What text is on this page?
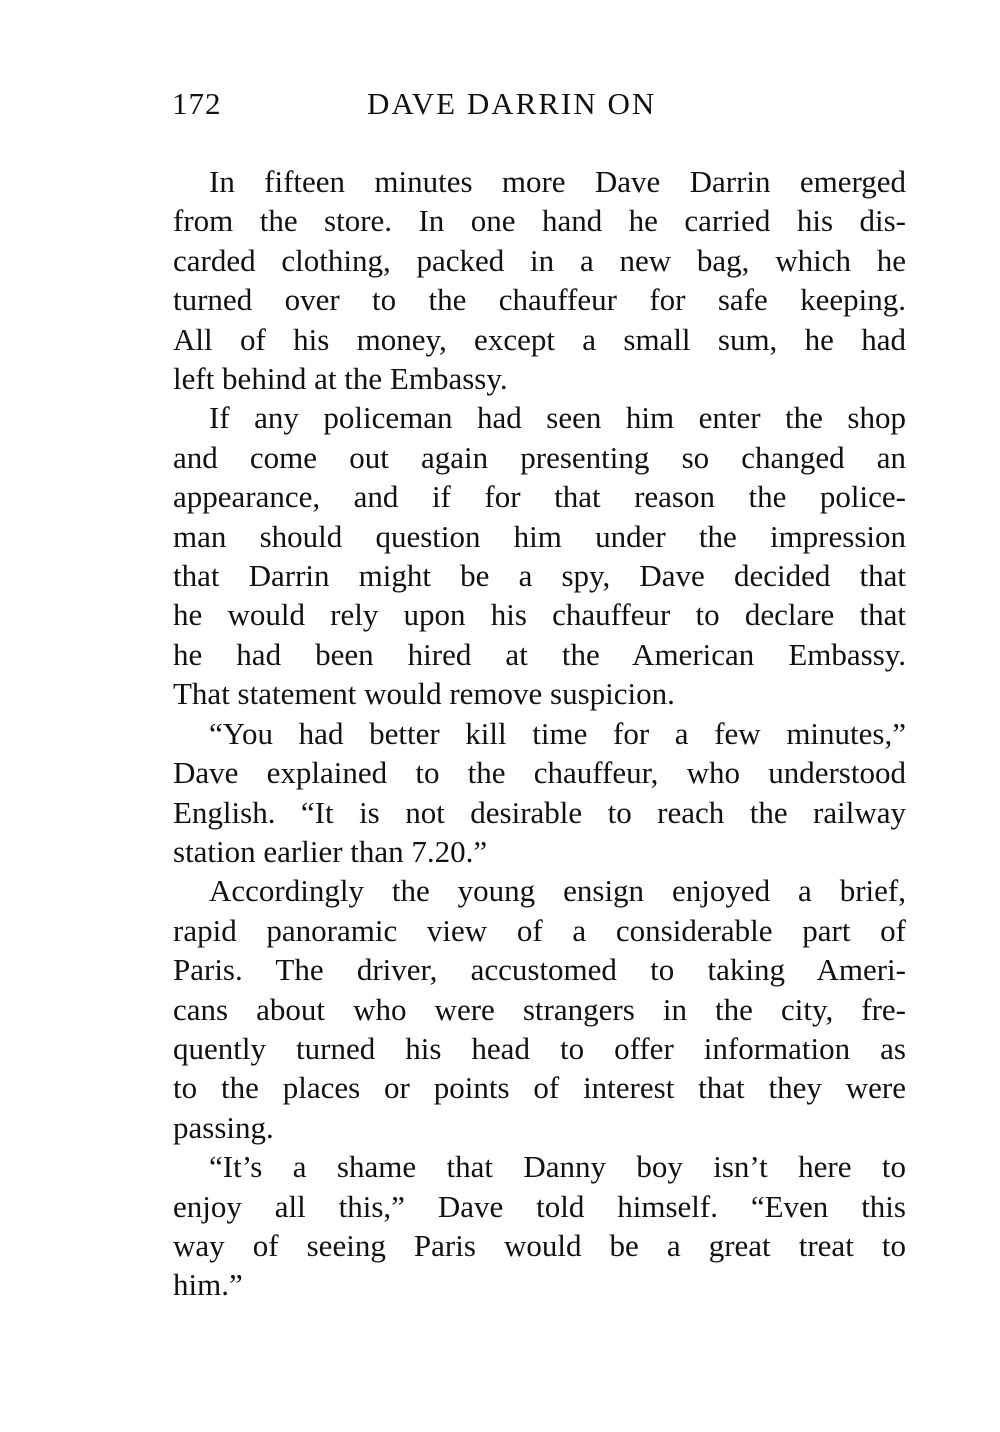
172	DAVE DARRIN ON
In fifteen minutes more Dave Darrin emerged
from the store. In one hand he carried his dis-
carded clothing, packed in a new bag, which he
turned over to the chauffeur for safe keeping.
All of his money, except a small sum, he had
left behind at the Embassy.
If any policeman had seen him enter the shop
and come out again presenting so changed an
appearance, and if for that reason the police-
man should question him under the impression
that Darrin might be a spy, Dave decided that
he would rely upon his chauffeur to declare that
he had been hired at the American Embassy.
That statement would remove suspicion.
“You had better kill time for a few minutes,”
Dave explained to the chauffeur, who understood
English. “It is not desirable to reach the railway
station earlier than 7.20.”
Accordingly the young ensign enjoyed a brief,
rapid panoramic view of a considerable part of
Paris. The driver, accustomed to taking Ameri-
cans about who were strangers in the city, fre-
quently turned his head to offer information as
to the places or points of interest that they were
passing.
“It’s a shame that Danny boy isn’t here to
enjoy all this,” Dave told himself. “Even this
way of seeing Paris would be a great treat to
him.”
